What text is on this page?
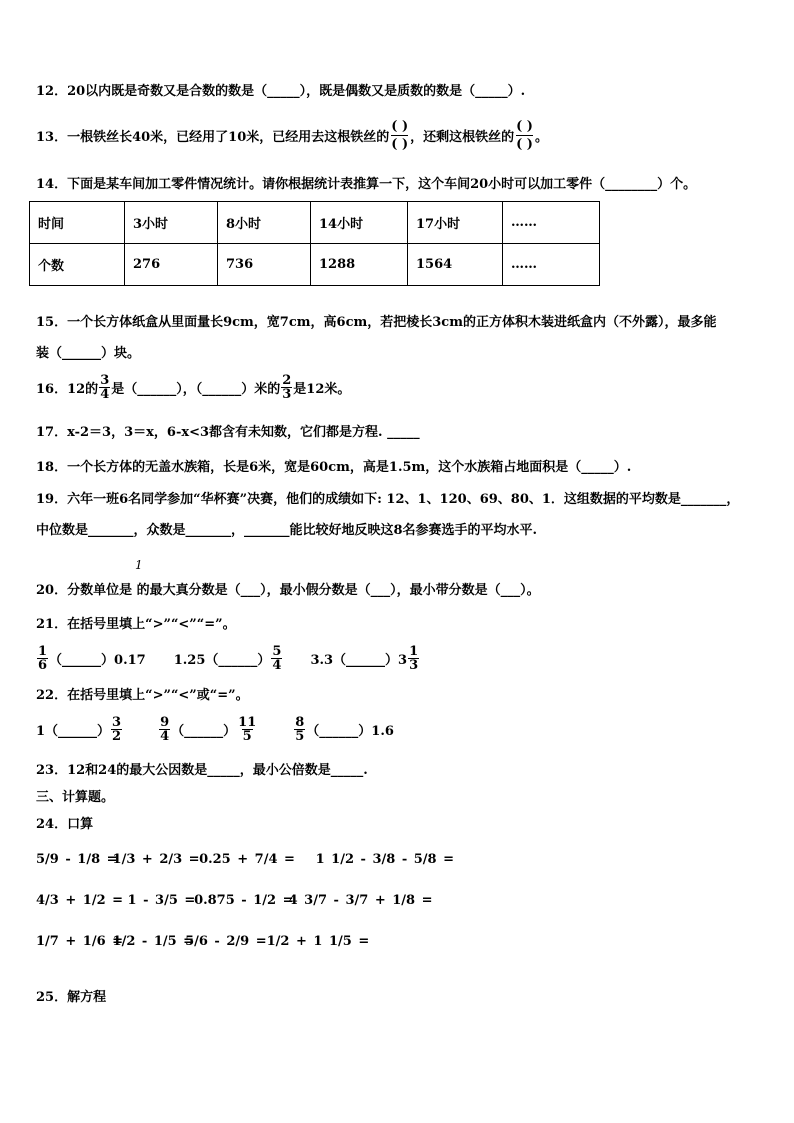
12．20以内既是奇数又是合数的数是（_____），既是偶数又是质数的数是（_____）.
13．一根铁丝长40米，已经用了10米，已经用去这根铁丝的
( )
( ) ，还剩这根铁丝的
( )
( ) 。
14．下面是某车间加工零件情况统计。请你根据统计表推算一下，这个车间20小时可以加工零件（________）个。
时间	3小时	8小时	14小时	17小时	……
个数	276	736	1288	1564	……
15．一个长方体纸盒从里面量长9cm，宽7cm，高6cm，若把棱长3cm的正方体积木装进纸盒内（不外露），最多能
装（______）块。
16．12的 $\frac{3}{4}$ 是（______），（______）米的 $\frac{2}{3}$ 是12米。
17．x-2＝3，3＝x，6-x<3都含有未知数，它们都是方程. _____
18．一个长方体的无盖水族箱，长是6米，宽是60cm，高是1.5m，这个水族箱占地面积是（_____）.
19．六年一班6名同学参加“华杯赛”决赛，他们的成绩如下: 12、1、120、69、80、1．这组数据的平均数是_______，
中位数是_______，众数是_______，_______能比较好地反映这8名参赛选手的平均水平.
1
20．分数单位是 的最大真分数是（___），最小假分数是（___），最小带分数是（___）。
21．在括号里填上“>”“<”“=”。
$\frac{1}{6}$ （______）0.17 1.25（______） $\frac{5}{4}$ 3.3（______）3 $\frac{1}{3}$
22．在括号里填上“>”“<”或“=”。
1（______） $\frac{3}{2}$	$\frac{9}{4}$ （______） $\frac{11}{5}$	$\frac{8}{5}$ （______）1.6
23．12和24的最大公因数是_____，最小公倍数是_____.
三、计算题。
24．口算
5/9 - 1/8 = 1/3 + 2/3 = 0.25 + 7/4 = 1 1/2 - 3/8 - 5/8 =
4/3 + 1/2 = 1 - 3/5 = 0.875 - 1/2 = 4 3/7 - 3/7 + 1/8 =
1/7 + 1/6 = 1/2 - 1/5 = 5/6 - 2/9 = 1/2 + 1 1/5 =
25．解方程
